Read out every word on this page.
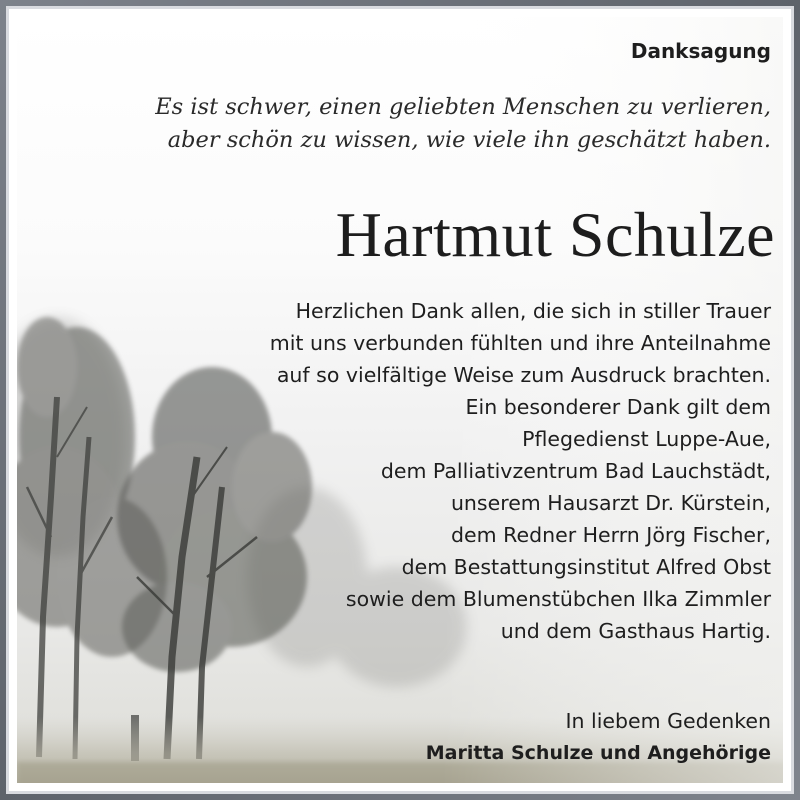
Danksagung
Es ist schwer, einen geliebten Menschen zu verlieren,
aber schön zu wissen, wie viele ihn geschätzt haben.
Hartmut Schulze
Herzlichen Dank allen, die sich in stiller Trauer
mit uns verbunden fühlten und ihre Anteilnahme
auf so vielfältige Weise zum Ausdruck brachten.
Ein besonderer Dank gilt dem
Pflegedienst Luppe-Aue,
dem Palliativzentrum Bad Lauchstädt,
unserem Hausarzt Dr. Kürstein,
dem Redner Herrn Jörg Fischer,
dem Bestattungsinstitut Alfred Obst
sowie dem Blumenstübchen Ilka Zimmler
und dem Gasthaus Hartig.
In liebem Gedenken
Maritta Schulze und Angehörige
